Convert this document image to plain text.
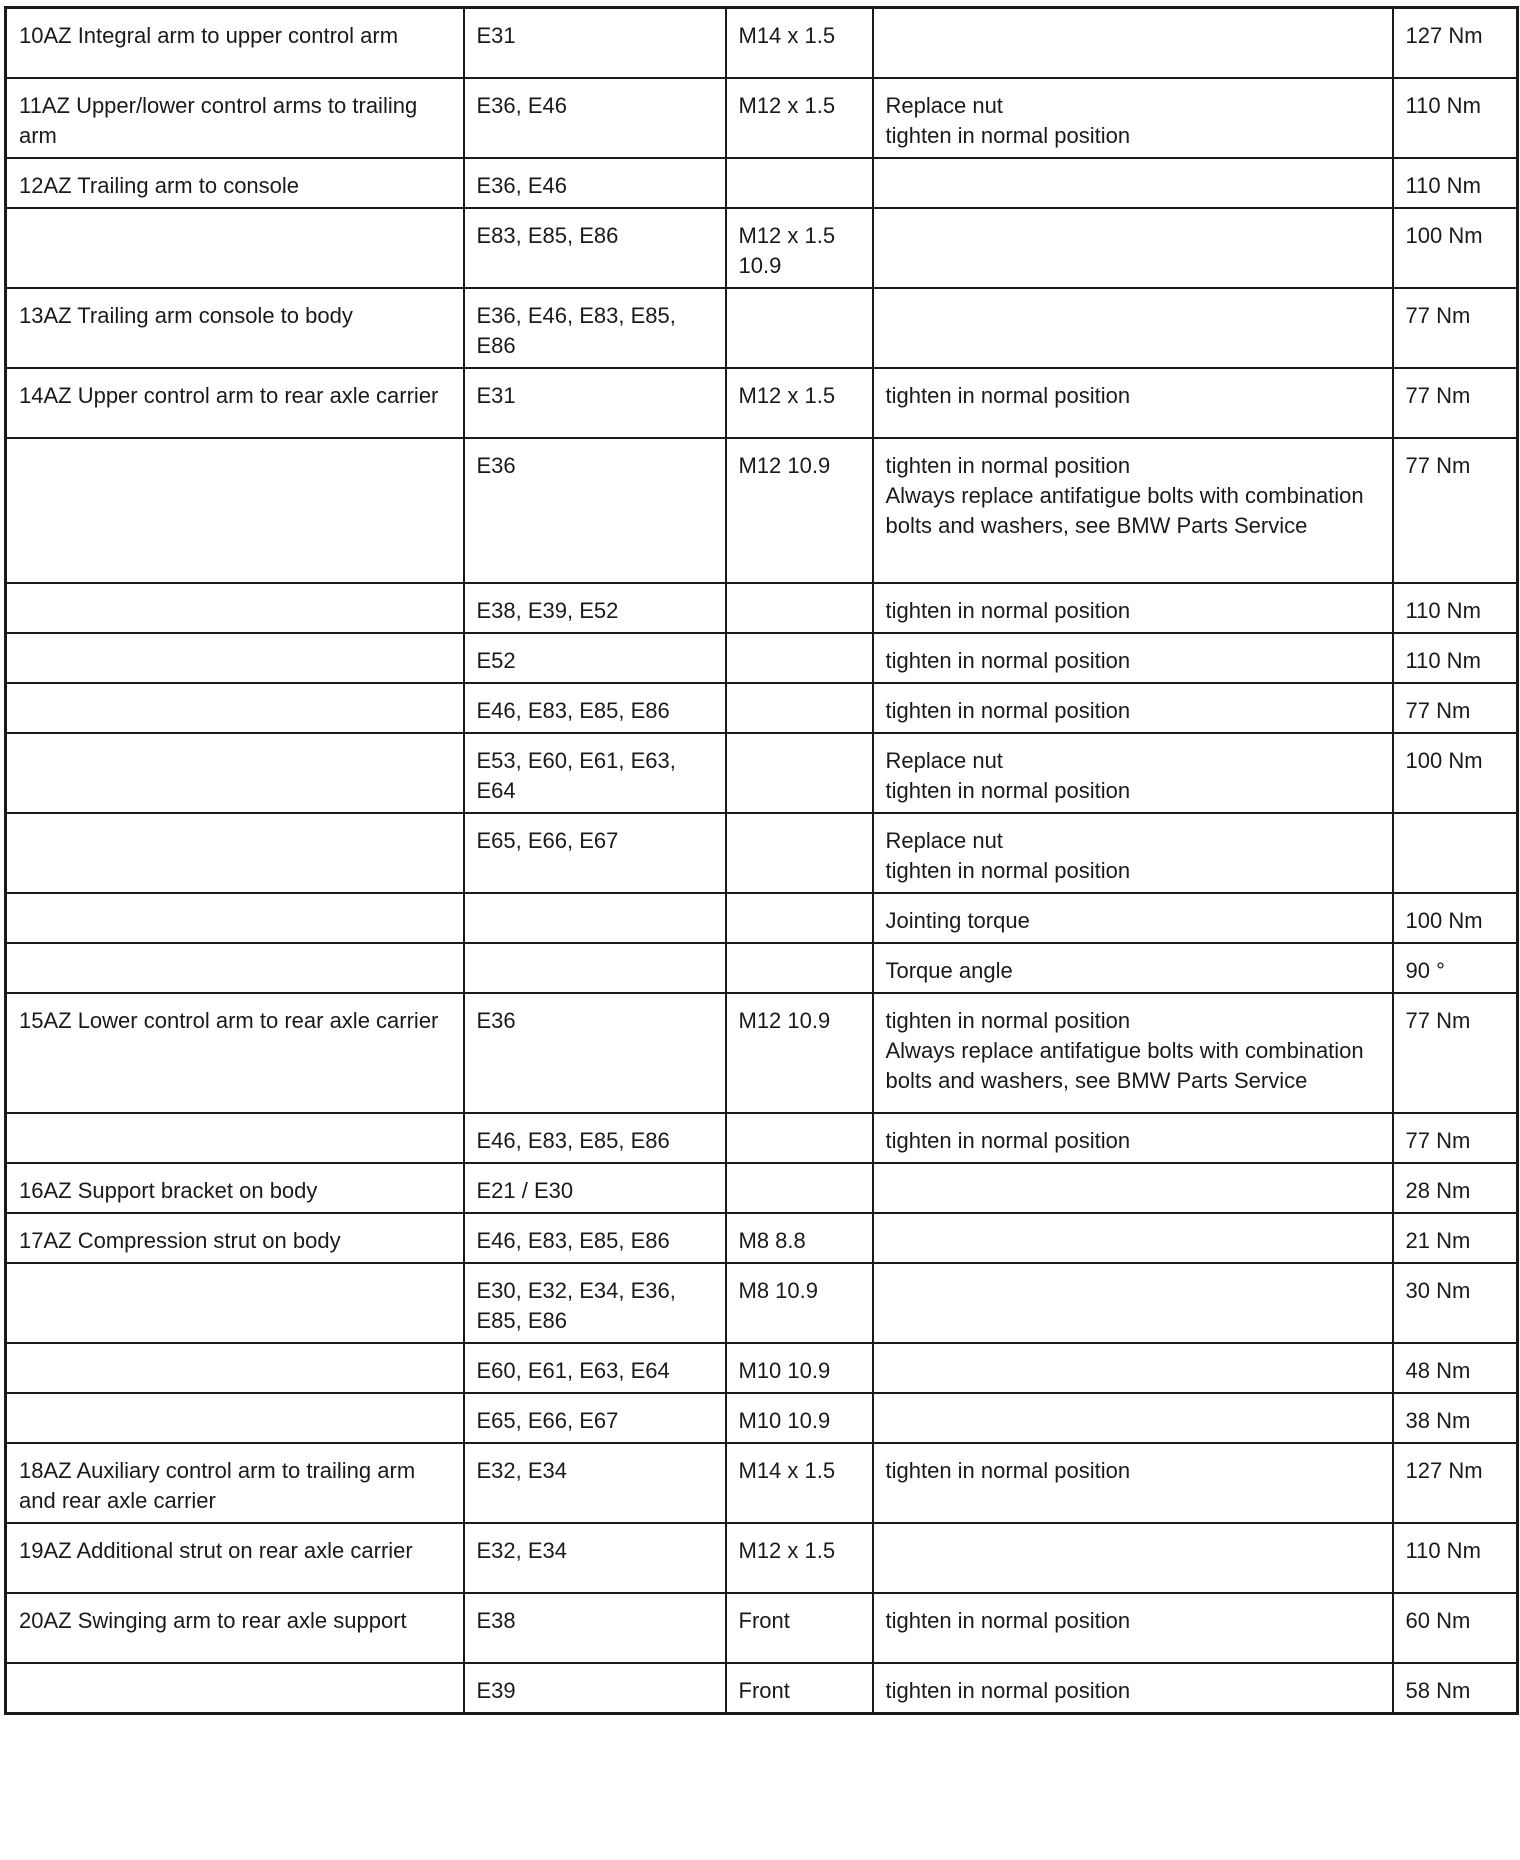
10AZ Integral arm to upper control arm	E31	M14 x 1.5		127 Nm
11AZ Upper/lower control arms to trailing arm	E36, E46	M12 x 1.5	Replace nut
tighten in normal position	110 Nm
12AZ Trailing arm to console	E36, E46			110 Nm
	E83, E85, E86	M12 x 1.5
10.9		100 Nm
13AZ Trailing arm console to body	E36, E46, E83, E85, E86			77 Nm
14AZ Upper control arm to rear axle carrier	E31	M12 x 1.5	tighten in normal position	77 Nm
	E36	M12 10.9	tighten in normal position
Always replace antifatigue bolts with combination bolts and washers, see BMW Parts Service	77 Nm
	E38, E39, E52		tighten in normal position	110 Nm
	E52		tighten in normal position	110 Nm
	E46, E83, E85, E86		tighten in normal position	77 Nm
	E53, E60, E61, E63, E64		Replace nut
tighten in normal position	100 Nm
	E65, E66, E67		Replace nut
tighten in normal position	
			Jointing torque	100 Nm
			Torque angle	90 °
15AZ Lower control arm to rear axle carrier	E36	M12 10.9	tighten in normal position
Always replace antifatigue bolts with combination bolts and washers, see BMW Parts Service	77 Nm
	E46, E83, E85, E86		tighten in normal position	77 Nm
16AZ Support bracket on body	E21 / E30			28 Nm
17AZ Compression strut on body	E46, E83, E85, E86	M8 8.8		21 Nm
	E30, E32, E34, E36, E85, E86	M8 10.9		30 Nm
	E60, E61, E63, E64	M10 10.9		48 Nm
	E65, E66, E67	M10 10.9		38 Nm
18AZ Auxiliary control arm to trailing arm and rear axle carrier	E32, E34	M14 x 1.5	tighten in normal position	127 Nm
19AZ Additional strut on rear axle carrier	E32, E34	M12 x 1.5		110 Nm
20AZ Swinging arm to rear axle support	E38	Front	tighten in normal position	60 Nm
	E39	Front	tighten in normal position	58 Nm
